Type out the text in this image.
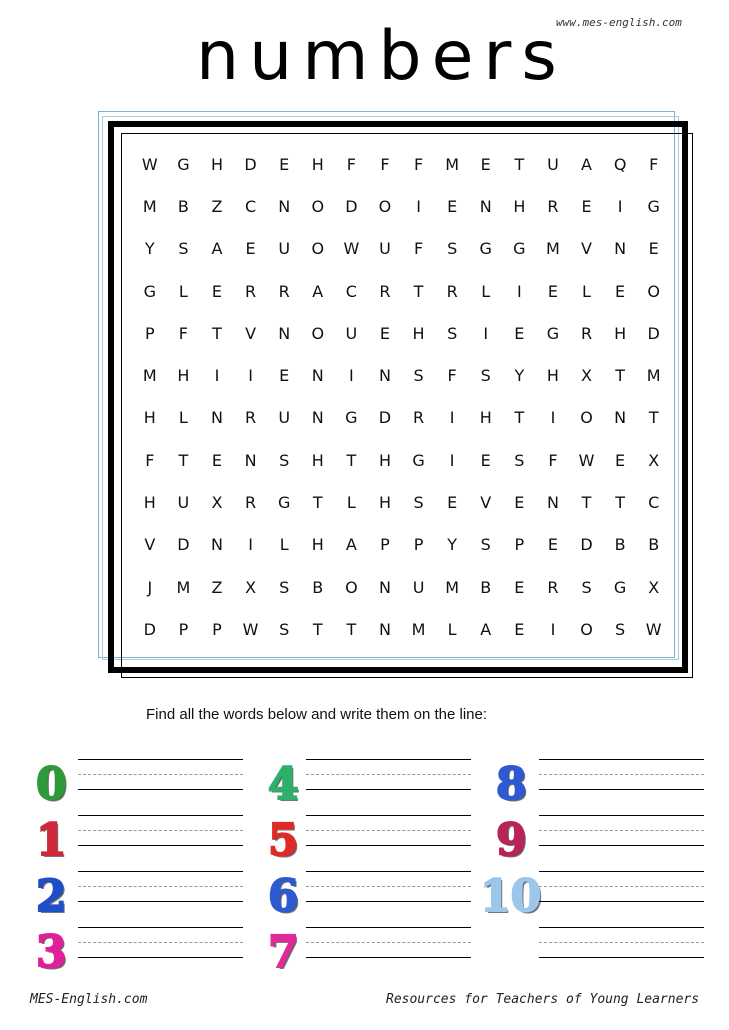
numbers
www.mes-english.com
W	G	H	D	E	H	F	F	F	M	E	T	U	A	Q	F
M	B	Z	C	N	O	D	O	I	E	N	H	R	E	I	G
Y	S	A	E	U	O	W	U	F	S	G	G	M	V	N	E
G	L	E	R	R	A	C	R	T	R	L	I	E	L	E	O
P	F	T	V	N	O	U	E	H	S	I	E	G	R	H	D
M	H	I	I	E	N	I	N	S	F	S	Y	H	X	T	M
H	L	N	R	U	N	G	D	R	I	H	T	I	O	N	T
F	T	E	N	S	H	T	H	G	I	E	S	F	W	E	X
H	U	X	R	G	T	L	H	S	E	V	E	N	T	T	C
V	D	N	I	L	H	A	P	P	Y	S	P	E	D	B	B
J	M	Z	X	S	B	O	N	U	M	B	E	R	S	G	X
D	P	P	W	S	T	T	N	M	L	A	E	I	O	S	W
Find all the words below and write them on the line:
0
1
2
3
4
5
6
7
8
9
10
MES-English.com	Resources for Teachers of Young Learners
